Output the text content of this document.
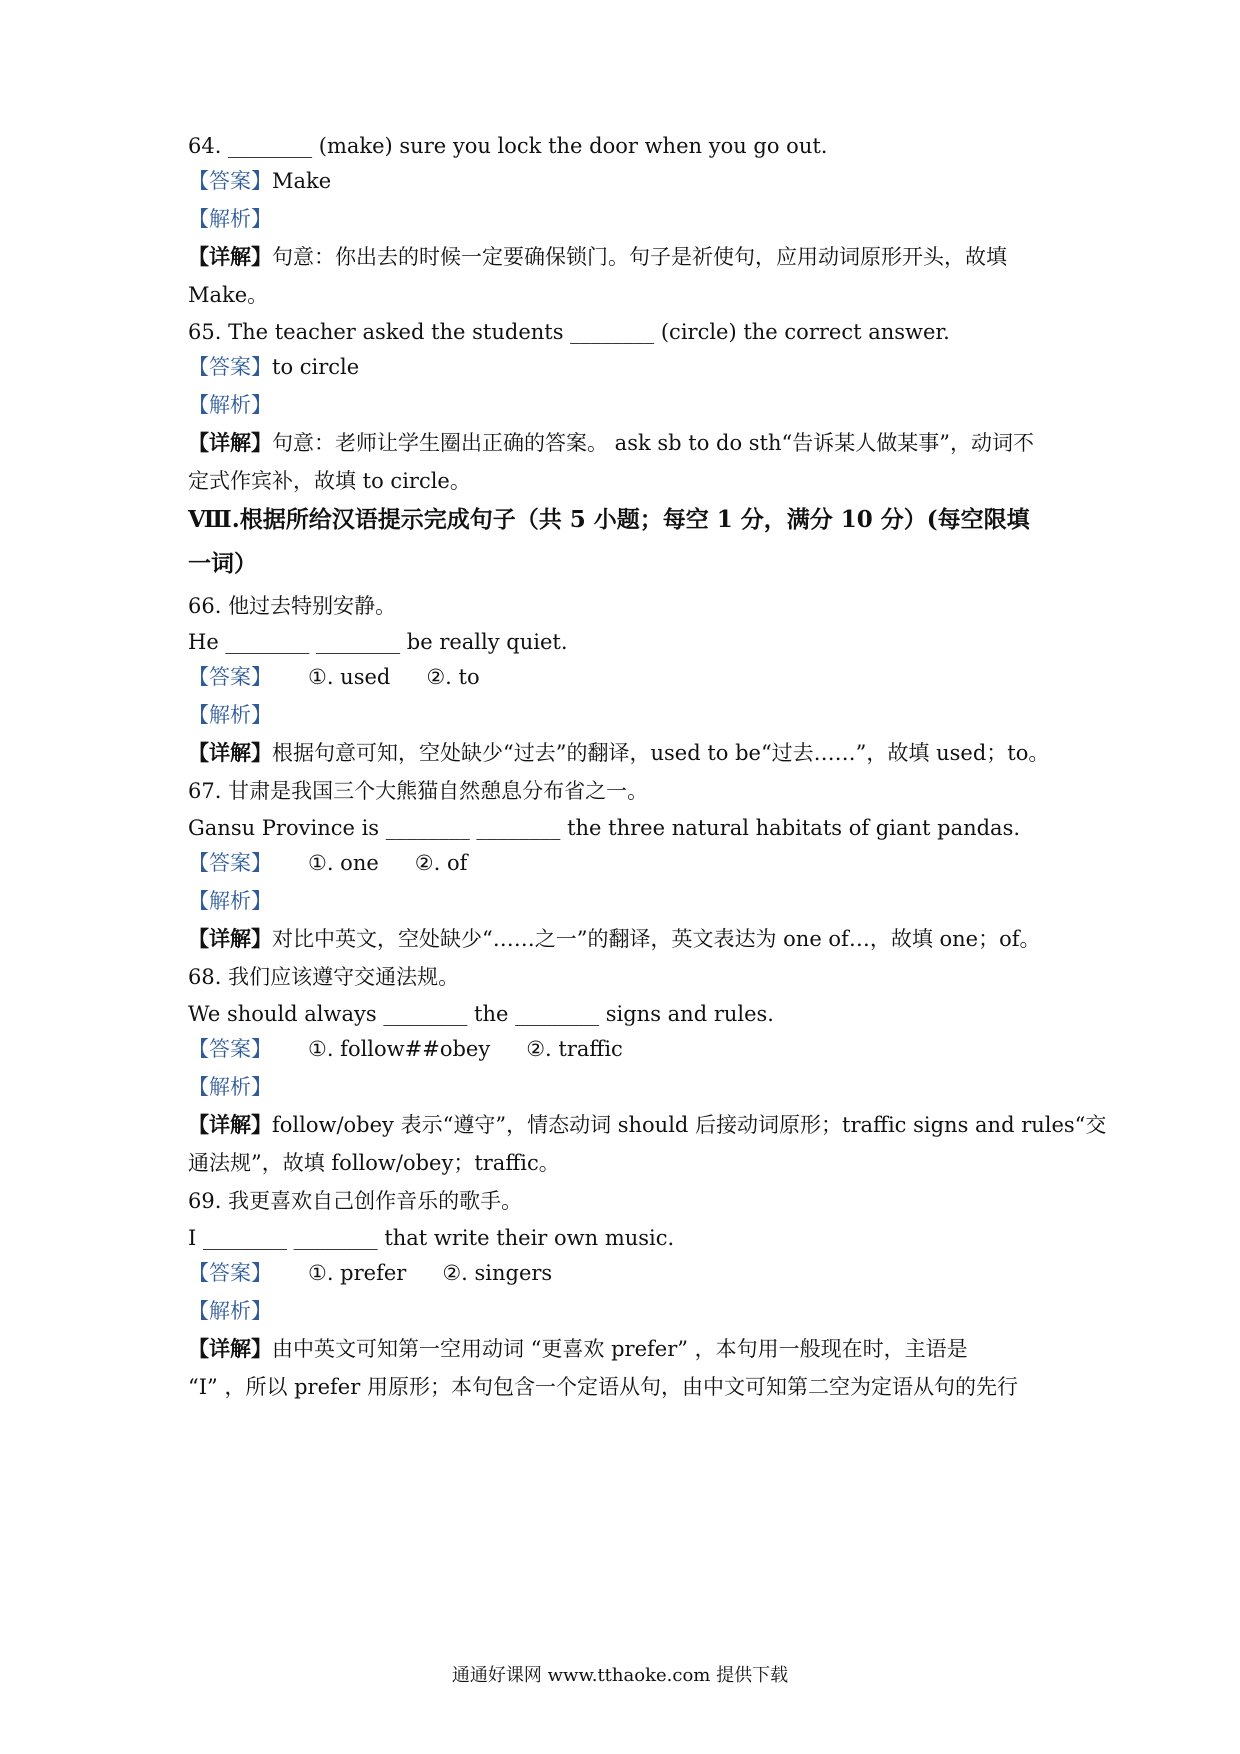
64. ________ (make) sure you lock the door when you go out.
【答案】Make
【解析】
【详解】句意：你出去的时候一定要确保锁门。句子是祈使句，应用动词原形开头，故填
Make。
65. The teacher asked the students ________ (circle) the correct answer.
【答案】to circle
【解析】
【详解】句意：老师让学生圈出正确的答案。 ask sb to do sth“告诉某人做某事”，动词不
定式作宾补，故填 to circle。
Ⅷ.根据所给汉语提示完成句子（共 5 小题；每空 1 分，满分 10 分）(每空限填
一词）
66. 他过去特别安静。
He ________ ________ be really quiet.
【答案】 ①. used ②. to
【解析】
【详解】根据句意可知，空处缺少“过去”的翻译，used to be“过去……”，故填 used；to。
67. 甘肃是我国三个大熊猫自然憩息分布省之一。
Gansu Province is ________ ________ the three natural habitats of giant pandas.
【答案】 ①. one ②. of
【解析】
【详解】对比中英文，空处缺少“……之一”的翻译，英文表达为 one of…，故填 one；of。
68. 我们应该遵守交通法规。
We should always ________ the ________ signs and rules.
【答案】 ①. follow##obey ②. traffic
【解析】
【详解】follow/obey 表示“遵守”，情态动词 should 后接动词原形；traffic signs and rules“交
通法规”，故填 follow/obey；traffic。
69. 我更喜欢自己创作音乐的歌手。
I ________ ________ that write their own music.
【答案】 ①. prefer ②. singers
【解析】
【详解】由中英文可知第一空用动词 “更喜欢 prefer” ，本句用一般现在时，主语是
“I” ，所以 prefer 用原形；本句包含一个定语从句，由中文可知第二空为定语从句的先行
通通好课网 www.tthaoke.com 提供下载
